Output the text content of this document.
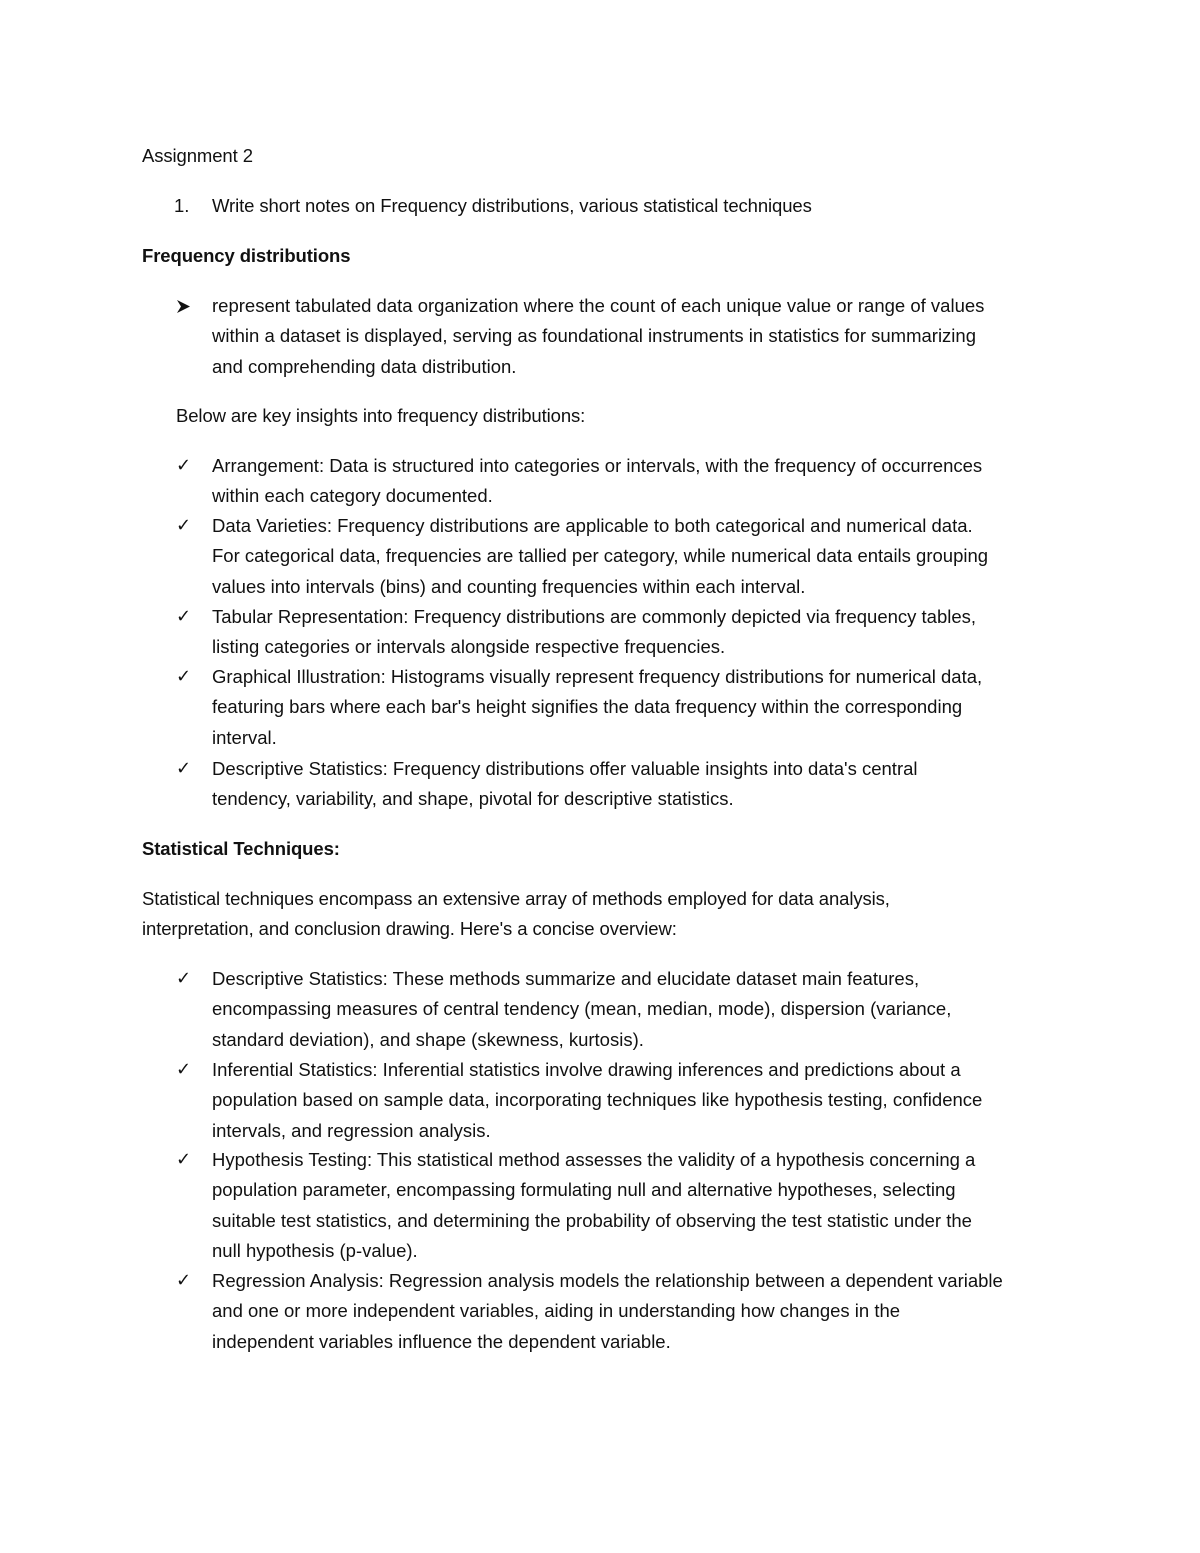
Assignment 2
1. Write short notes on Frequency distributions, various statistical techniques
Frequency distributions
represent tabulated data organization where the count of each unique value or range of values
within a dataset is displayed, serving as foundational instruments in statistics for summarizing
and comprehending data distribution.
Below are key insights into frequency distributions:
✓ Arrangement: Data is structured into categories or intervals, with the frequency of occurrences
within each category documented.
✓ Data Varieties: Frequency distributions are applicable to both categorical and numerical data.
For categorical data, frequencies are tallied per category, while numerical data entails grouping
values into intervals (bins) and counting frequencies within each interval.
✓ Tabular Representation: Frequency distributions are commonly depicted via frequency tables,
listing categories or intervals alongside respective frequencies.
✓ Graphical Illustration: Histograms visually represent frequency distributions for numerical data,
featuring bars where each bar's height signifies the data frequency within the corresponding
interval.
✓ Descriptive Statistics: Frequency distributions offer valuable insights into data's central
tendency, variability, and shape, pivotal for descriptive statistics.
Statistical Techniques:
Statistical techniques encompass an extensive array of methods employed for data analysis,
interpretation, and conclusion drawing. Here's a concise overview:
✓ Descriptive Statistics: These methods summarize and elucidate dataset main features,
encompassing measures of central tendency (mean, median, mode), dispersion (variance,
standard deviation), and shape (skewness, kurtosis).
✓ Inferential Statistics: Inferential statistics involve drawing inferences and predictions about a
population based on sample data, incorporating techniques like hypothesis testing, confidence
intervals, and regression analysis.
✓ Hypothesis Testing: This statistical method assesses the validity of a hypothesis concerning a
population parameter, encompassing formulating null and alternative hypotheses, selecting
suitable test statistics, and determining the probability of observing the test statistic under the
null hypothesis (p-value).
✓ Regression Analysis: Regression analysis models the relationship between a dependent variable
and one or more independent variables, aiding in understanding how changes in the
independent variables influence the dependent variable.
